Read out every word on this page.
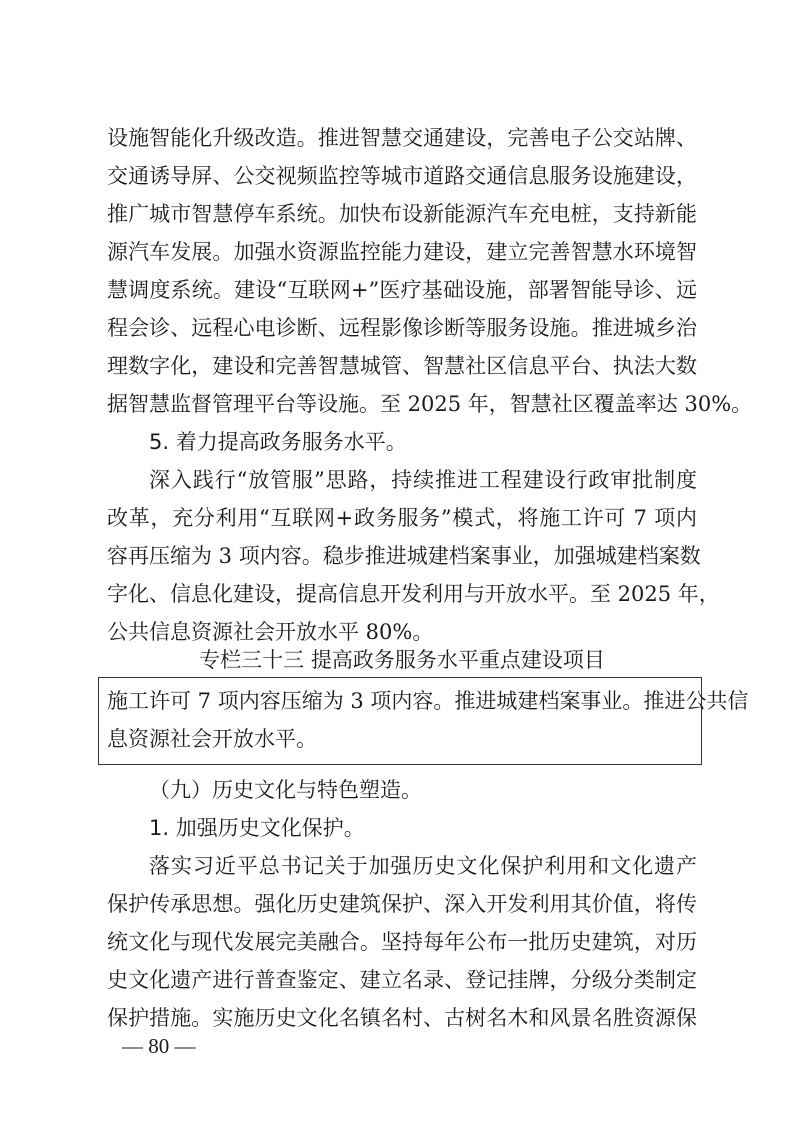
设施智能化升级改造。推进智慧交通建设，完善电子公交站牌、
交通诱导屏、公交视频监控等城市道路交通信息服务设施建设，
推广城市智慧停车系统。加快布设新能源汽车充电桩，支持新能
源汽车发展。加强水资源监控能力建设，建立完善智慧水环境智
慧调度系统。建设“互联网+”医疗基础设施，部署智能导诊、远
程会诊、远程心电诊断、远程影像诊断等服务设施。推进城乡治
理数字化，建设和完善智慧城管、智慧社区信息平台、执法大数
据智慧监督管理平台等设施。至 2025 年，智慧社区覆盖率达 30%。
5. 着力提高政务服务水平。
深入践行“放管服”思路，持续推进工程建设行政审批制度
改革，充分利用“互联网+政务服务”模式，将施工许可 7 项内
容再压缩为 3 项内容。稳步推进城建档案事业，加强城建档案数
字化、信息化建设，提高信息开发利用与开放水平。至 2025 年，
公共信息资源社会开放水平 80%。
专栏三十三 提高政务服务水平重点建设项目
施工许可 7 项内容压缩为 3 项内容。推进城建档案事业。推进公共信
息资源社会开放水平。
（九）历史文化与特色塑造。
1. 加强历史文化保护。
落实习近平总书记关于加强历史文化保护利用和文化遗产
保护传承思想。强化历史建筑保护、深入开发利用其价值，将传
统文化与现代发展完美融合。坚持每年公布一批历史建筑，对历
史文化遗产进行普查鉴定、建立名录、登记挂牌，分级分类制定
保护措施。实施历史文化名镇名村、古树名木和风景名胜资源保
— 80 —
